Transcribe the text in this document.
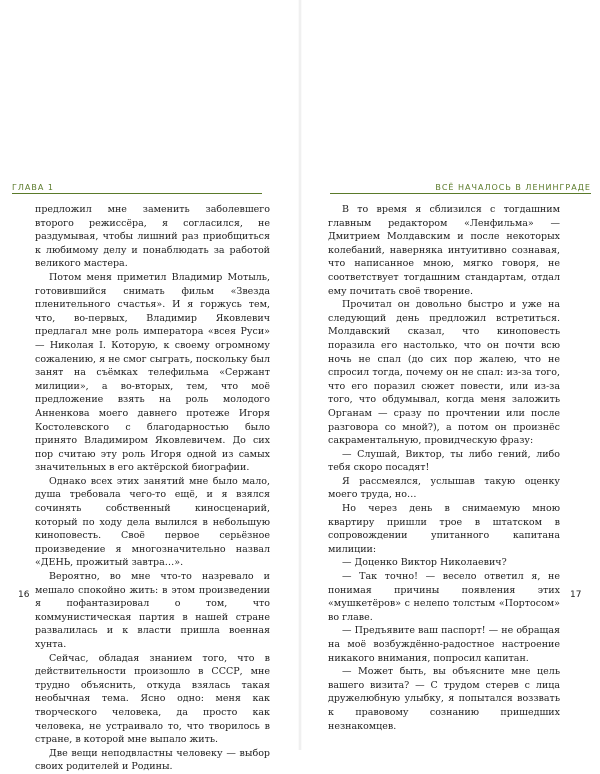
ГЛАВА 1
16

предложил мне заменить заболевшего второго режиссёра, я согласился, не раздумывая, чтобы лишний раз приобщиться к любимому делу и понаблюдать за работой великого мастера.

Потом меня приметил Владимир Мотыль, готовившийся снимать фильм «Звезда пленительного счастья». И я горжусь тем, что, во-первых, Владимир Яковлевич предлагал мне роль императора «всея Руси» — Николая I. Которую, к своему огромному сожалению, я не смог сыграть, поскольку был занят на съёмках телефильма «Сержант милиции», а во-вторых, тем, что моё предложение взять на роль молодого Анненкова моего давнего протеже Игоря Костолевского с благодарностью было принято Владимиром Яковлевичем. До сих пор считаю эту роль Игоря одной из самых значительных в его актёрской биографии.

Однако всех этих занятий мне было мало, душа требовала чего-то ещё, и я взялся сочинять собственный киносценарий, который по ходу дела вылился в небольшую киноповесть. Своё первое серьёзное произведение я многозначительно назвал «ДЕНЬ, прожитый завтра…».

Вероятно, во мне что-то назревало и мешало спокойно жить: в этом произведении я пофантазировал о том, что коммунистическая партия в нашей стране развалилась и к власти пришла военная хунта.

Сейчас, обладая знанием того, что в действительности произошло в СССР, мне трудно объяснить, откуда взялась такая необычная тема. Ясно одно: меня как творческого человека, да просто как человека, не устраивало то, что творилось в стране, в которой мне выпало жить.

Две вещи неподвластны человеку — выбор своих родителей и Родины.

ВСЁ НАЧАЛОСЬ В ЛЕНИНГРАДЕ

В то время я сблизился с тогдашним главным редактором «Ленфильма» — Дмитрием Молдавским и после некоторых колебаний, наверняка интуитивно сознавая, что написанное мною, мягко говоря, не соответствует тогдашним стандартам, отдал ему почитать своё творение.

Прочитал он довольно быстро и уже на следующий день предложил встретиться. Молдавский сказал, что киноповесть поразила его настолько, что он почти всю ночь не спал (до сих пор жалею, что не спросил тогда, почему он не спал: из-за того, что его поразил сюжет повести, или из-за того, что обдумывал, когда меня заложить Органам — сразу по прочтении или после разговора со мной?), а потом он произнёс сакраментальную, провидческую фразу:

— Слушай, Виктор, ты либо гений, либо тебя скоро посадят!

Я рассмеялся, услышав такую оценку моего труда, но…

Но через день в снимаемую мною квартиру пришли трое в штатском в сопровождении упитанного капитана милиции:

— Доценко Виктор Николаевич?

— Так точно! — весело ответил я, не понимая причины появления этих «мушкетёров» с нелепо толстым «Портосом» во главе.

— Предъявите ваш паспорт! — не обращая на моё возбуждённо-радостное настроение никакого внимания, попросил капитан.

— Может быть, вы объясните мне цель вашего визита? — С трудом стерев с лица дружелюбную улыбку, я попытался воззвать к правовому сознанию пришедших незнакомцев.

17
